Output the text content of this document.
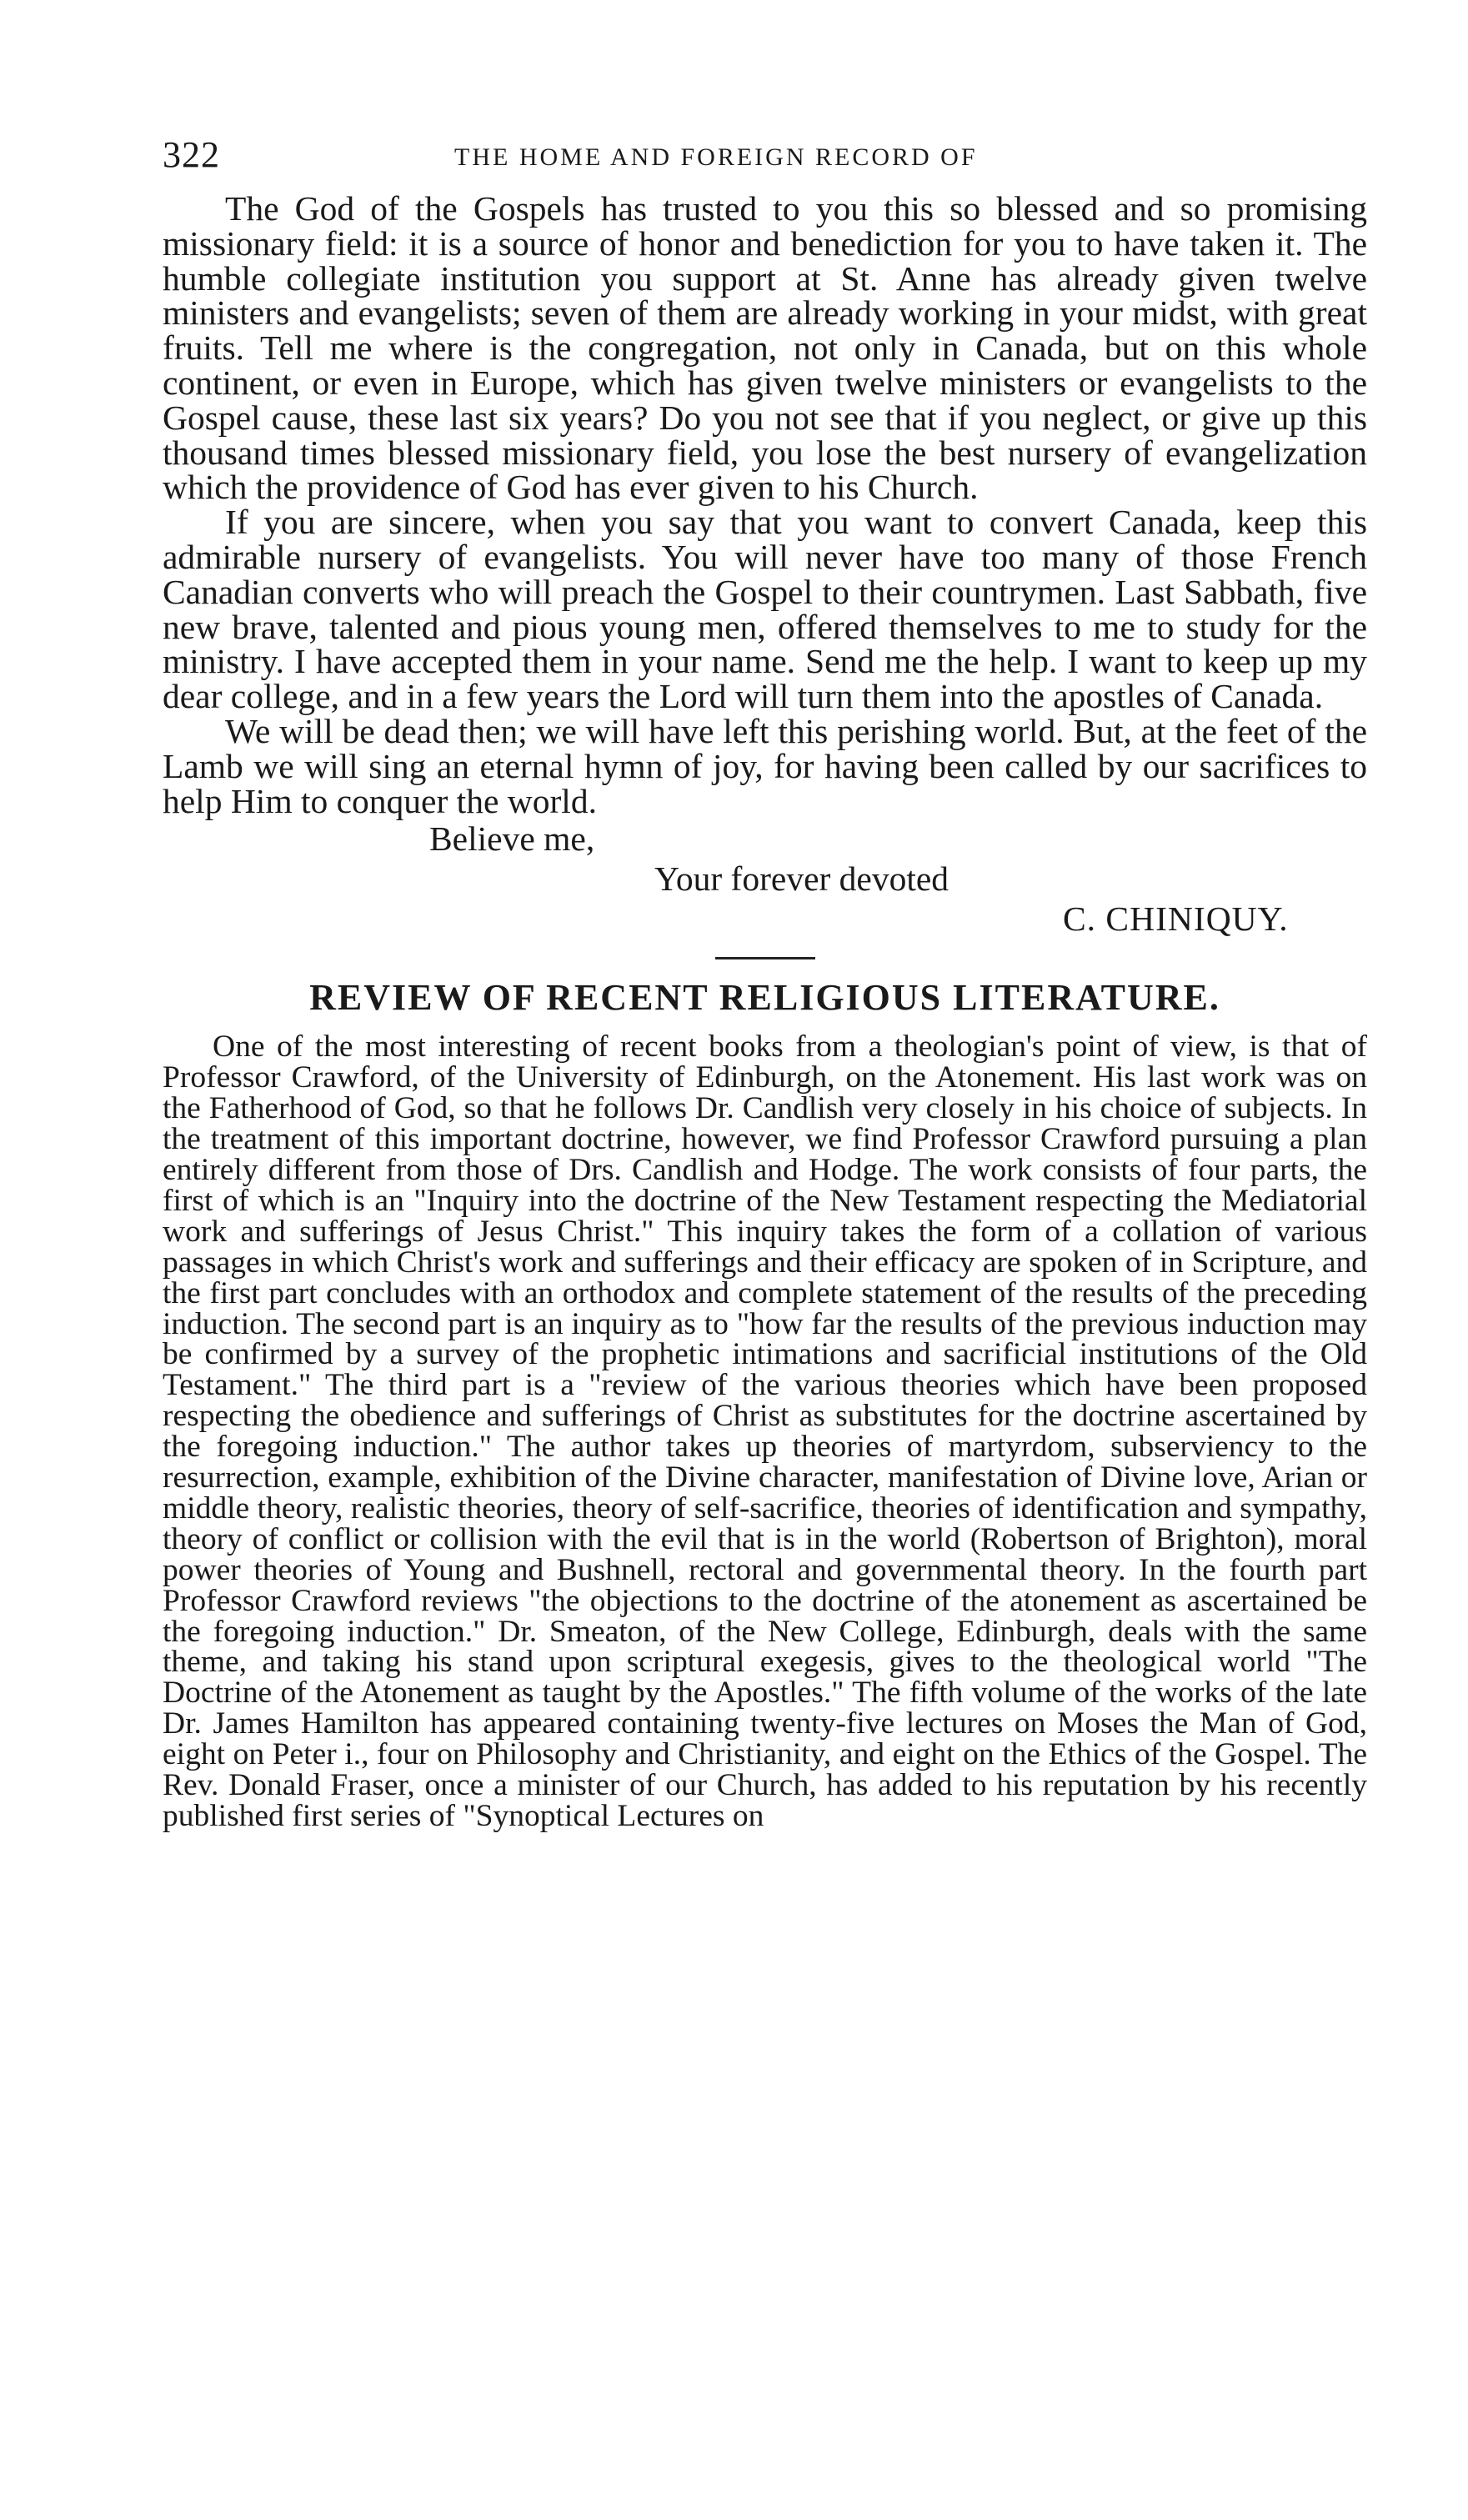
322	THE HOME AND FOREIGN RECORD OF

The God of the Gospels has trusted to you this so blessed and so promising missionary field: it is a source of honor and benediction for you to have taken it. The humble collegiate institution you support at St. Anne has already given twelve ministers and evangelists; seven of them are already working in your midst, with great fruits. Tell me where is the congregation, not only in Canada, but on this whole continent, or even in Europe, which has given twelve ministers or evangelists to the Gospel cause, these last six years? Do you not see that if you neglect, or give up this thousand times blessed missionary field, you lose the best nursery of evangelization which the providence of God has ever given to his Church.

If you are sincere, when you say that you want to convert Canada, keep this admirable nursery of evangelists. You will never have too many of those French Canadian converts who will preach the Gospel to their countrymen. Last Sabbath, five new brave, talented and pious young men, offered themselves to me to study for the ministry. I have accepted them in your name. Send me the help. I want to keep up my dear college, and in a few years the Lord will turn them into the apostles of Canada.

We will be dead then; we will have left this perishing world. But, at the feet of the Lamb we will sing an eternal hymn of joy, for having been called by our sacrifices to help Him to conquer the world.

Believe me,
Your forever devoted
C. CHINIQUY.
REVIEW OF RECENT RELIGIOUS LITERATURE.

One of the most interesting of recent books from a theologian's point of view, is that of Professor Crawford, of the University of Edinburgh, on the Atonement. His last work was on the Fatherhood of God, so that he follows Dr. Candlish very closely in his choice of subjects. In the treatment of this important doctrine, however, we find Professor Crawford pursuing a plan entirely different from those of Drs. Candlish and Hodge. The work consists of four parts, the first of which is an "Inquiry into the doctrine of the New Testament respecting the Mediatorial work and sufferings of Jesus Christ." This inquiry takes the form of a collation of various passages in which Christ's work and sufferings and their efficacy are spoken of in Scripture, and the first part concludes with an orthodox and complete statement of the results of the preceding induction. The second part is an inquiry as to "how far the results of the previous induction may be confirmed by a survey of the prophetic intimations and sacrificial institutions of the Old Testament." The third part is a "review of the various theories which have been proposed respecting the obedience and sufferings of Christ as substitutes for the doctrine ascertained by the foregoing induction." The author takes up theories of martyrdom, subserviency to the resurrection, example, exhibition of the Divine character, manifestation of Divine love, Arian or middle theory, realistic theories, theory of self-sacrifice, theories of identification and sympathy, theory of conflict or collision with the evil that is in the world (Robertson of Brighton), moral power theories of Young and Bushnell, rectoral and governmental theory. In the fourth part Professor Crawford reviews "the objections to the doctrine of the atonement as ascertained be the foregoing induction." Dr. Smeaton, of the New College, Edinburgh, deals with the same theme, and taking his stand upon scriptural exegesis, gives to the theological world "The Doctrine of the Atonement as taught by the Apostles." The fifth volume of the works of the late Dr. James Hamilton has appeared containing twenty-five lectures on Moses the Man of God, eight on Peter i., four on Philosophy and Christianity, and eight on the Ethics of the Gospel. The Rev. Donald Fraser, once a minister of our Church, has added to his reputation by his recently published first series of "Synoptical Lectures on
